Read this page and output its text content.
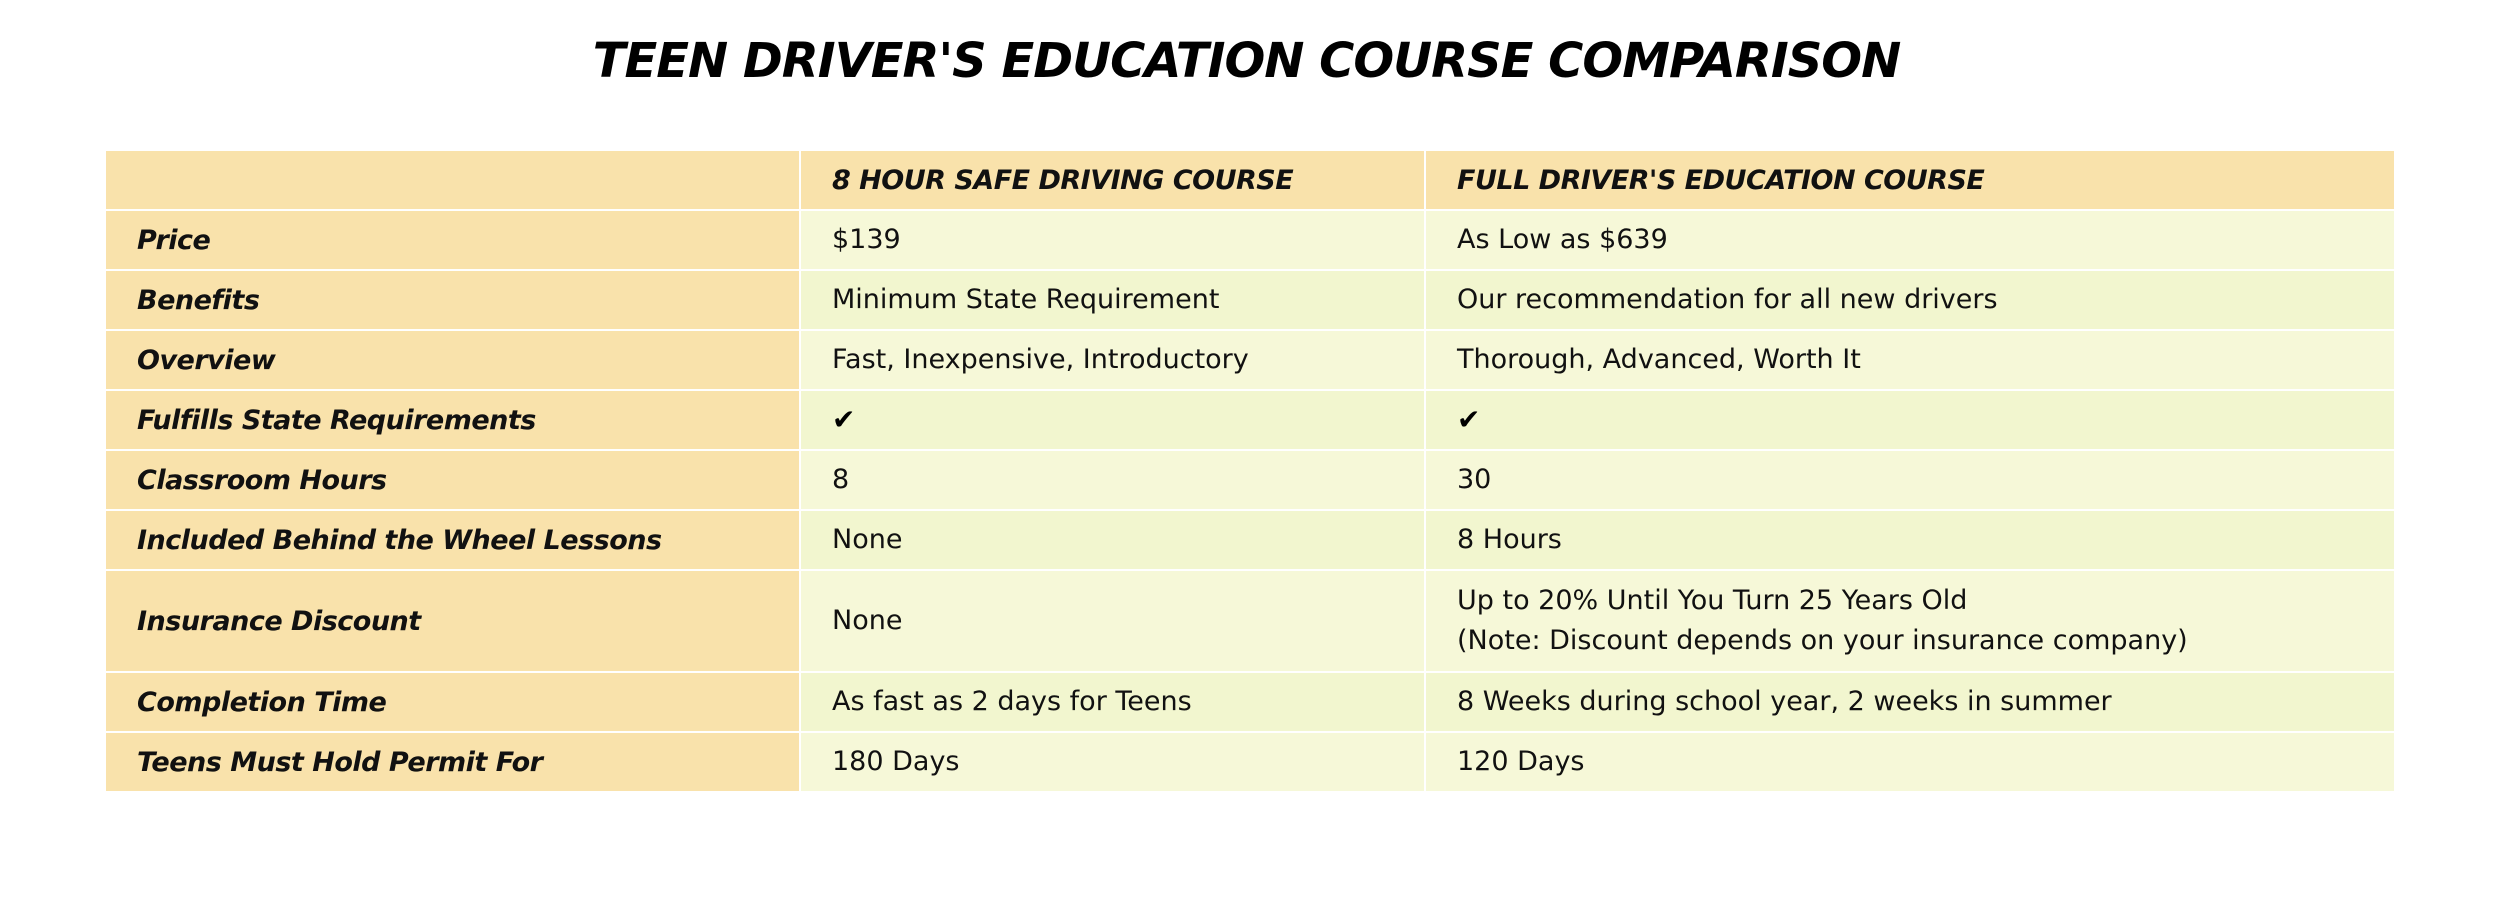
TEEN DRIVER'S EDUCATION COURSE COMPARISON
	8 HOUR SAFE DRIVING COURSE	FULL DRIVER'S EDUCATION COURSE
Price	$139	As Low as $639
Benefits	Minimum State Requirement	Our recommendation for all new drivers
Overview	Fast, Inexpensive, Introductory	Thorough, Advanced, Worth It
Fulfills State Requirements	✔	✔
Classroom Hours	8	30
Included Behind the Wheel Lessons	None	8 Hours
Insurance Discount	None	Up to 20% Until You Turn 25 Years Old
(Note: Discount depends on your insurance company)

Completion Time	As fast as 2 days for Teens	8 Weeks during school year, 2 weeks in summer
Teens Must Hold Permit For	180 Days	120 Days
